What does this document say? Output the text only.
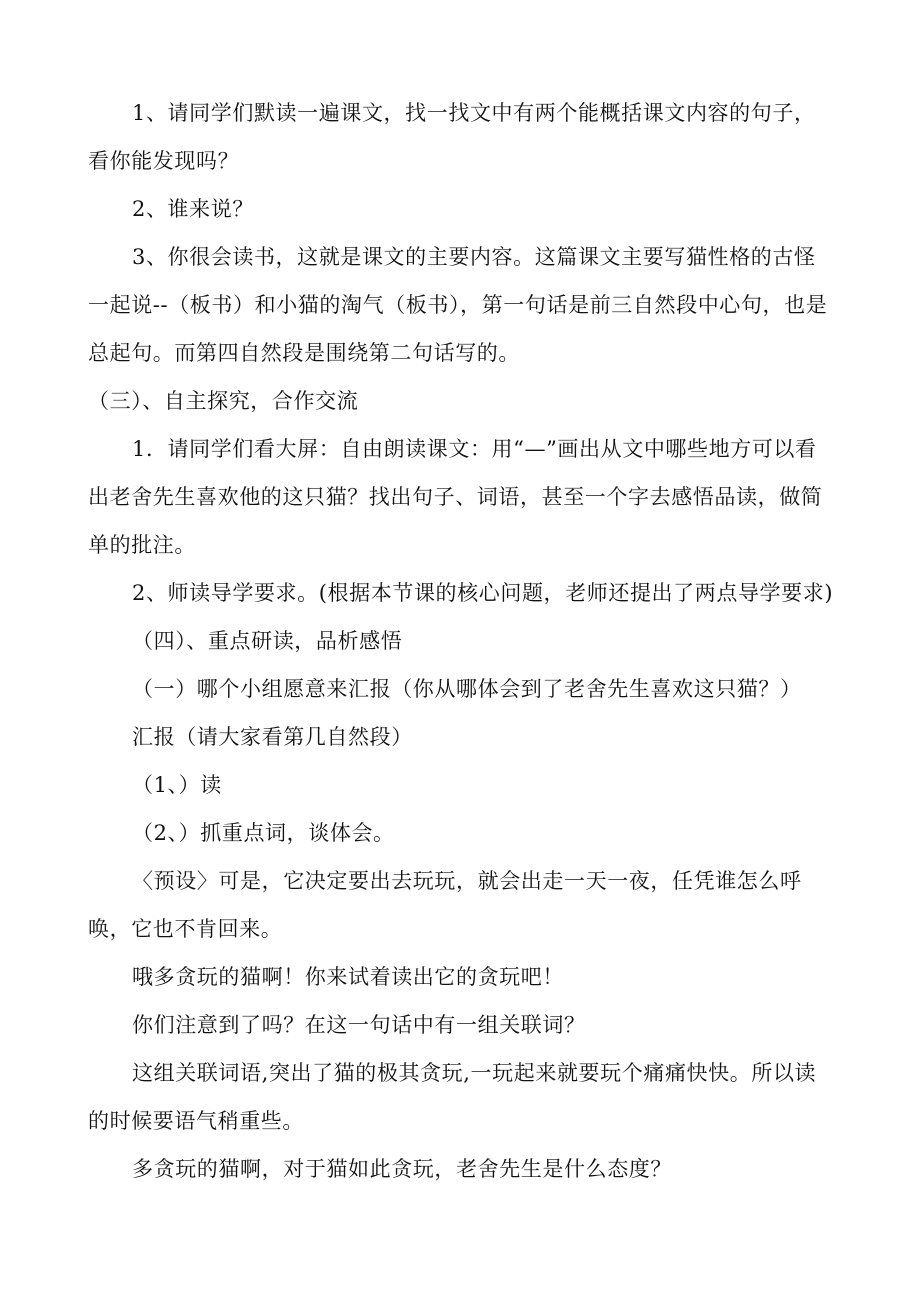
1、请同学们默读一遍课文，找一找文中有两个能概括课文内容的句子，看你能发现吗？

2、谁来说？

3、你很会读书，这就是课文的主要内容。这篇课文主要写猫性格的古怪一起说--（板书）和小猫的淘气（板书），第一句话是前三自然段中心句，也是总起句。而第四自然段是围绕第二句话写的。

（三）、自主探究，合作交流

1．请同学们看大屏：自由朗读课文：用“—”画出从文中哪些地方可以看出老舍先生喜欢他的这只猫？找出句子、词语，甚至一个字去感悟品读，做简单的批注。

2、师读导学要求。(根据本节课的核心问题，老师还提出了两点导学要求)

（四）、重点研读，品析感悟

（一）哪个小组愿意来汇报（你从哪体会到了老舍先生喜欢这只猫？）

汇报（请大家看第几自然段）

（1、）读

（2、）抓重点词，谈体会。

〈预设〉可是，它决定要出去玩玩，就会出走一天一夜，任凭谁怎么呼唤，它也不肯回来。

哦多贪玩的猫啊！你来试着读出它的贪玩吧！

你们注意到了吗？在这一句话中有一组关联词？

这组关联词语,突出了猫的极其贪玩,一玩起来就要玩个痛痛快快。所以读的时候要语气稍重些。

多贪玩的猫啊，对于猫如此贪玩，老舍先生是什么态度？
